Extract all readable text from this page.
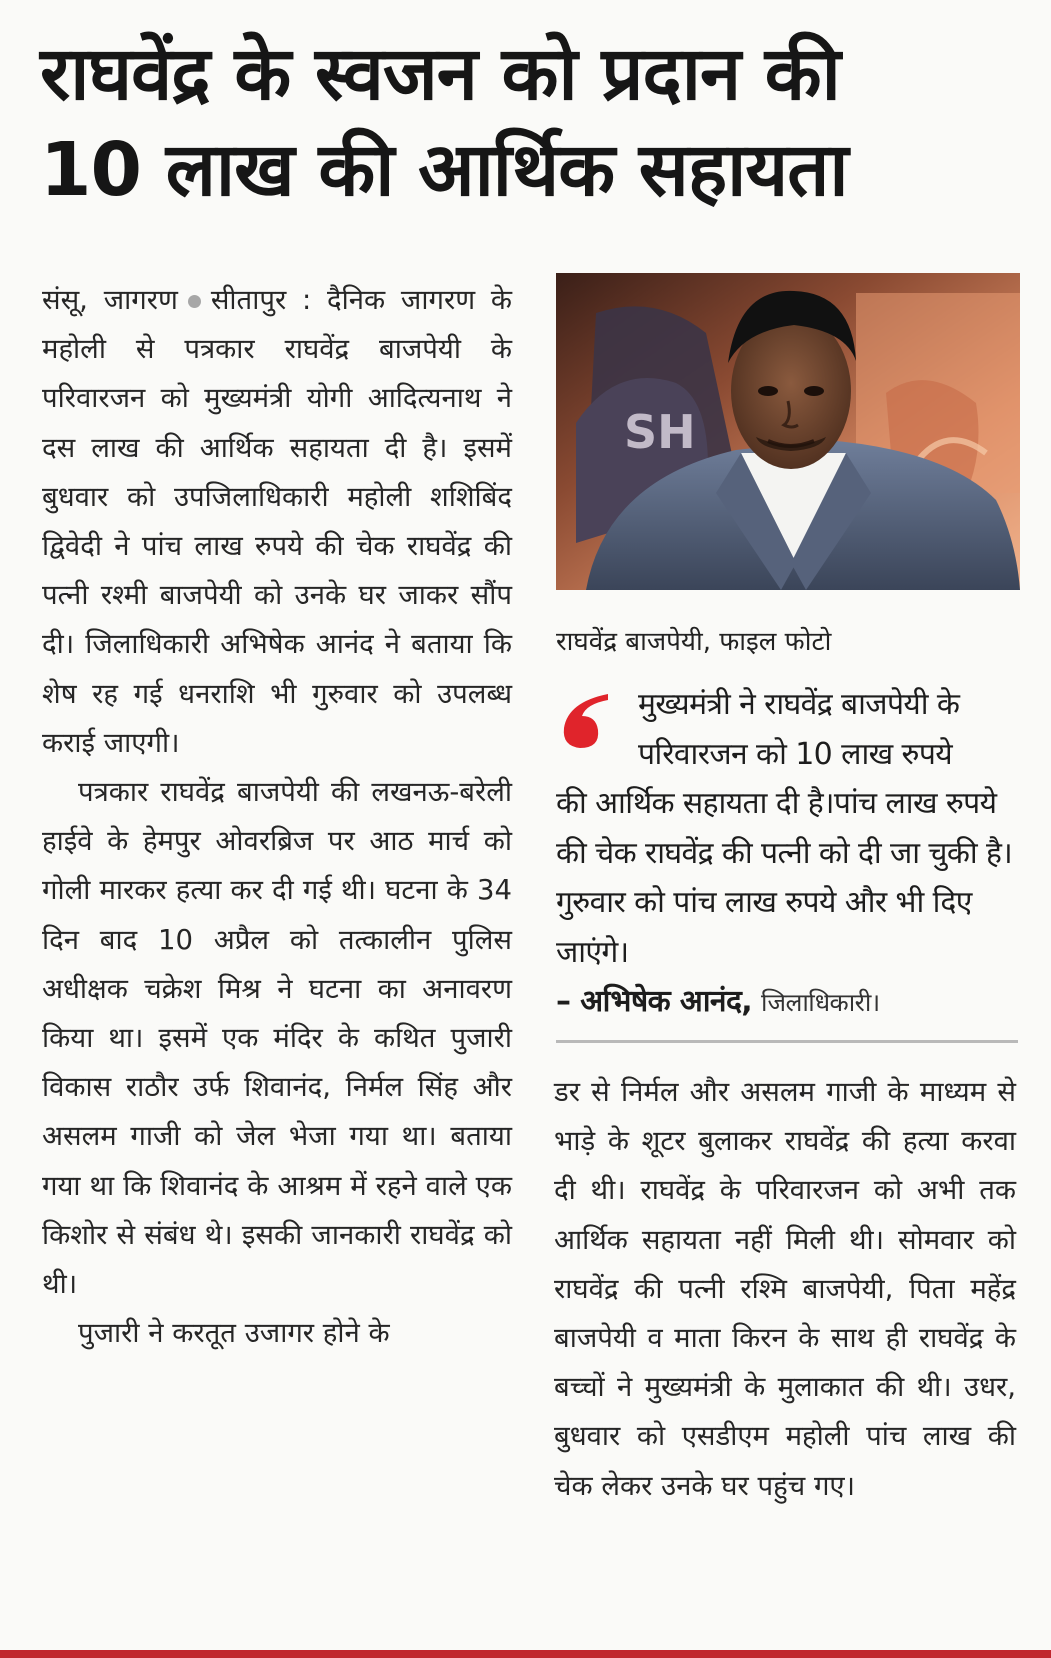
राघवेंद्र के स्वजन को प्रदान की
10 लाख की आर्थिक सहायता

संसू, जागरण सीतापुर : दैनिक जागरण के महोली से पत्रकार राघवेंद्र बाजपेयी के परिवारजन को मुख्यमंत्री योगी आदित्यनाथ ने दस लाख की आर्थिक सहायता दी है। इसमें बुधवार को उपजिलाधिकारी महोली शशिबिंद द्विवेदी ने पांच लाख रुपये की चेक राघवेंद्र की पत्नी रश्मी बाजपेयी को उनके घर जाकर सौंप दी। जिलाधिकारी अभिषेक आनंद ने बताया कि शेष रह गई धनराशि भी गुरुवार को उपलब्ध कराई जाएगी।

पत्रकार राघवेंद्र बाजपेयी की लखनऊ-बरेली हाईवे के हेमपुर ओवरब्रिज पर आठ मार्च को गोली मारकर हत्या कर दी गई थी। घटना के 34 दिन बाद 10 अप्रैल को तत्कालीन पुलिस अधीक्षक चक्रेश मिश्र ने घटना का अनावरण किया था। इसमें एक मंदिर के कथित पुजारी विकास राठौर उर्फ शिवानंद, निर्मल सिंह और असलम गाजी को जेल भेजा गया था। बताया गया था कि शिवानंद के आश्रम में रहने वाले एक किशोर से संबंध थे। इसकी जानकारी राघवेंद्र को थी।

पुजारी ने करतूत उजागर होने के

SH
राघवेंद्र बाजपेयी, फाइल फोटो
मुख्यमंत्री ने राघवेंद्र बाजपेयी के
परिवारजन को 10 लाख रुपये
की आर्थिक सहायता दी है।पांच लाख रुपये की चेक राघवेंद्र की पत्नी को दी जा चुकी है।गुरुवार को पांच लाख रुपये और भी दिए जाएंगे।
– अभिषेक आनंद, जिलाधिकारी।

डर से निर्मल और असलम गाजी के माध्यम से भाड़े के शूटर बुलाकर राघवेंद्र की हत्या करवा दी थी। राघवेंद्र के परिवारजन को अभी तक आर्थिक सहायता नहीं मिली थी। सोमवार को राघवेंद्र की पत्नी रश्मि बाजपेयी, पिता महेंद्र बाजपेयी व माता किरन के साथ ही राघवेंद्र के बच्चों ने मुख्यमंत्री के मुलाकात की थी। उधर, बुधवार को एसडीएम महोली पांच लाख की चेक लेकर उनके घर पहुंच गए।
